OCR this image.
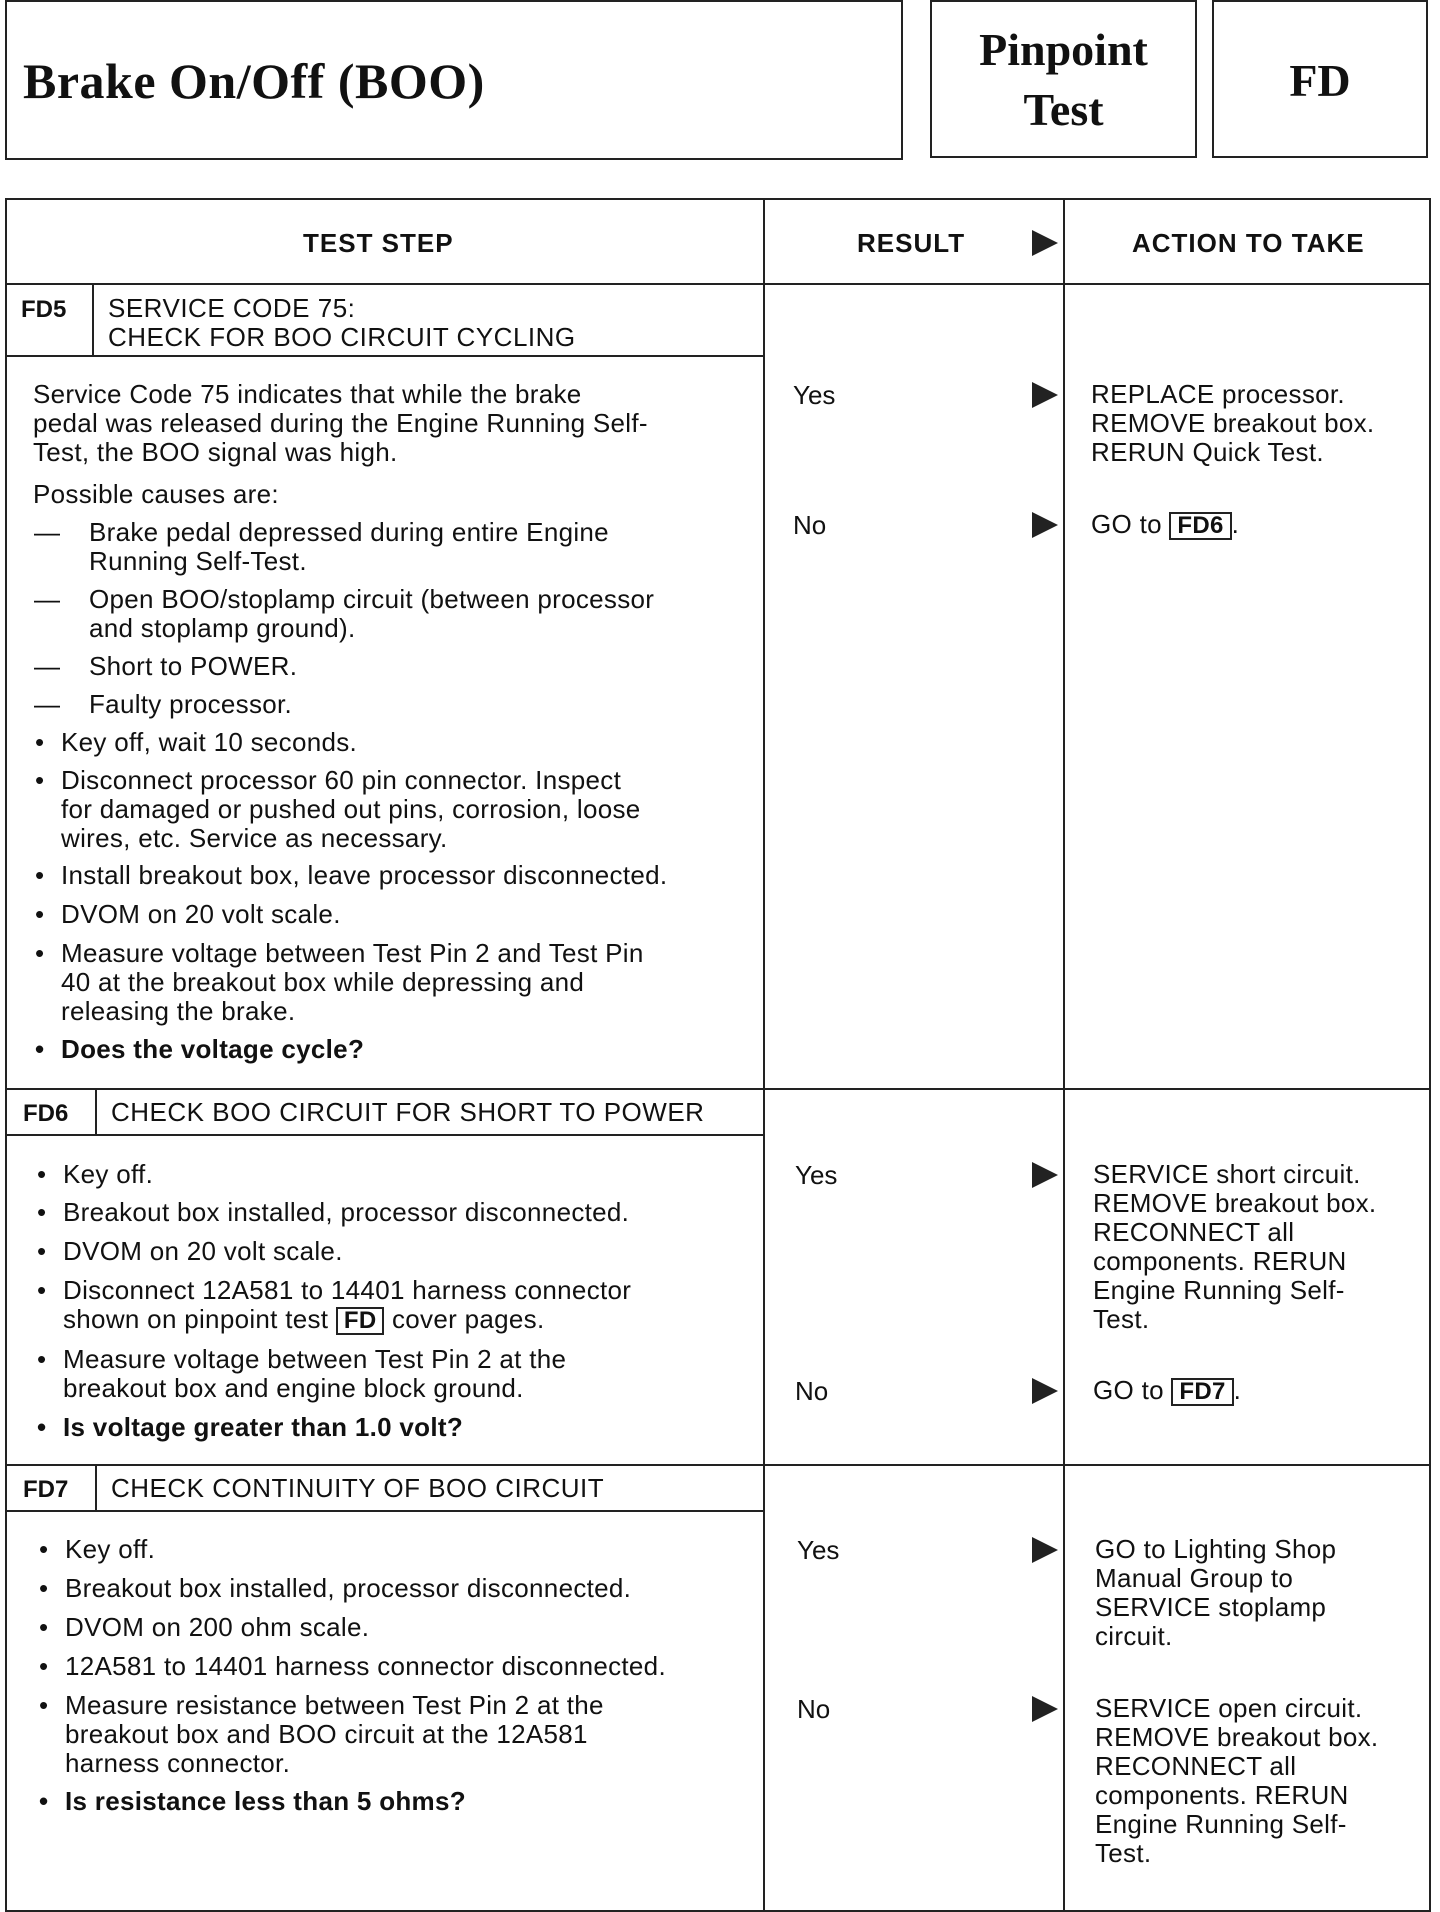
Brake On/Off (BOO)
Pinpoint
Test
FD
TEST STEP	RESULT	ACTION TO TAKE
FD5 SERVICE CODE 75:
CHECK FOR BOO CIRCUIT CYCLING
Service Code 75 indicates that while the brake
pedal was released during the Engine Running Self-
Test, the BOO signal was high.
Possible causes are:
— Brake pedal depressed during entire Engine
Running Self-Test.
— Open BOO/stoplamp circuit (between processor
and stoplamp ground).
— Short to POWER.
— Faulty processor.
• Key off, wait 10 seconds.
• Disconnect processor 60 pin connector. Inspect
for damaged or pushed out pins, corrosion, loose
wires, etc. Service as necessary.
• Install breakout box, leave processor disconnected.
• DVOM on 20 volt scale.
• Measure voltage between Test Pin 2 and Test Pin
40 at the breakout box while depressing and
releasing the brake.
• Does the voltage cycle?
Yes	REPLACE processor.
REMOVE breakout box.
RERUN Quick Test.
No	GO to FD6 .
FD6 CHECK BOO CIRCUIT FOR SHORT TO POWER
• Key off.
• Breakout box installed, processor disconnected.
• DVOM on 20 volt scale.
• Disconnect 12A581 to 14401 harness connector
shown on pinpoint test FD cover pages.
• Measure voltage between Test Pin 2 at the
breakout box and engine block ground.
• Is voltage greater than 1.0 volt?
Yes	SERVICE short circuit.
REMOVE breakout box.
RECONNECT all
components. RERUN
Engine Running Self-
Test.
No	GO to FD7 .
FD7 CHECK CONTINUITY OF BOO CIRCUIT
• Key off.
• Breakout box installed, processor disconnected.
• DVOM on 200 ohm scale.
• 12A581 to 14401 harness connector disconnected.
• Measure resistance between Test Pin 2 at the
breakout box and BOO circuit at the 12A581
harness connector.
• Is resistance less than 5 ohms?
Yes	GO to Lighting Shop
Manual Group to
SERVICE stoplamp
circuit.
No	SERVICE open circuit.
REMOVE breakout box.
RECONNECT all
components. RERUN
Engine Running Self-
Test.
